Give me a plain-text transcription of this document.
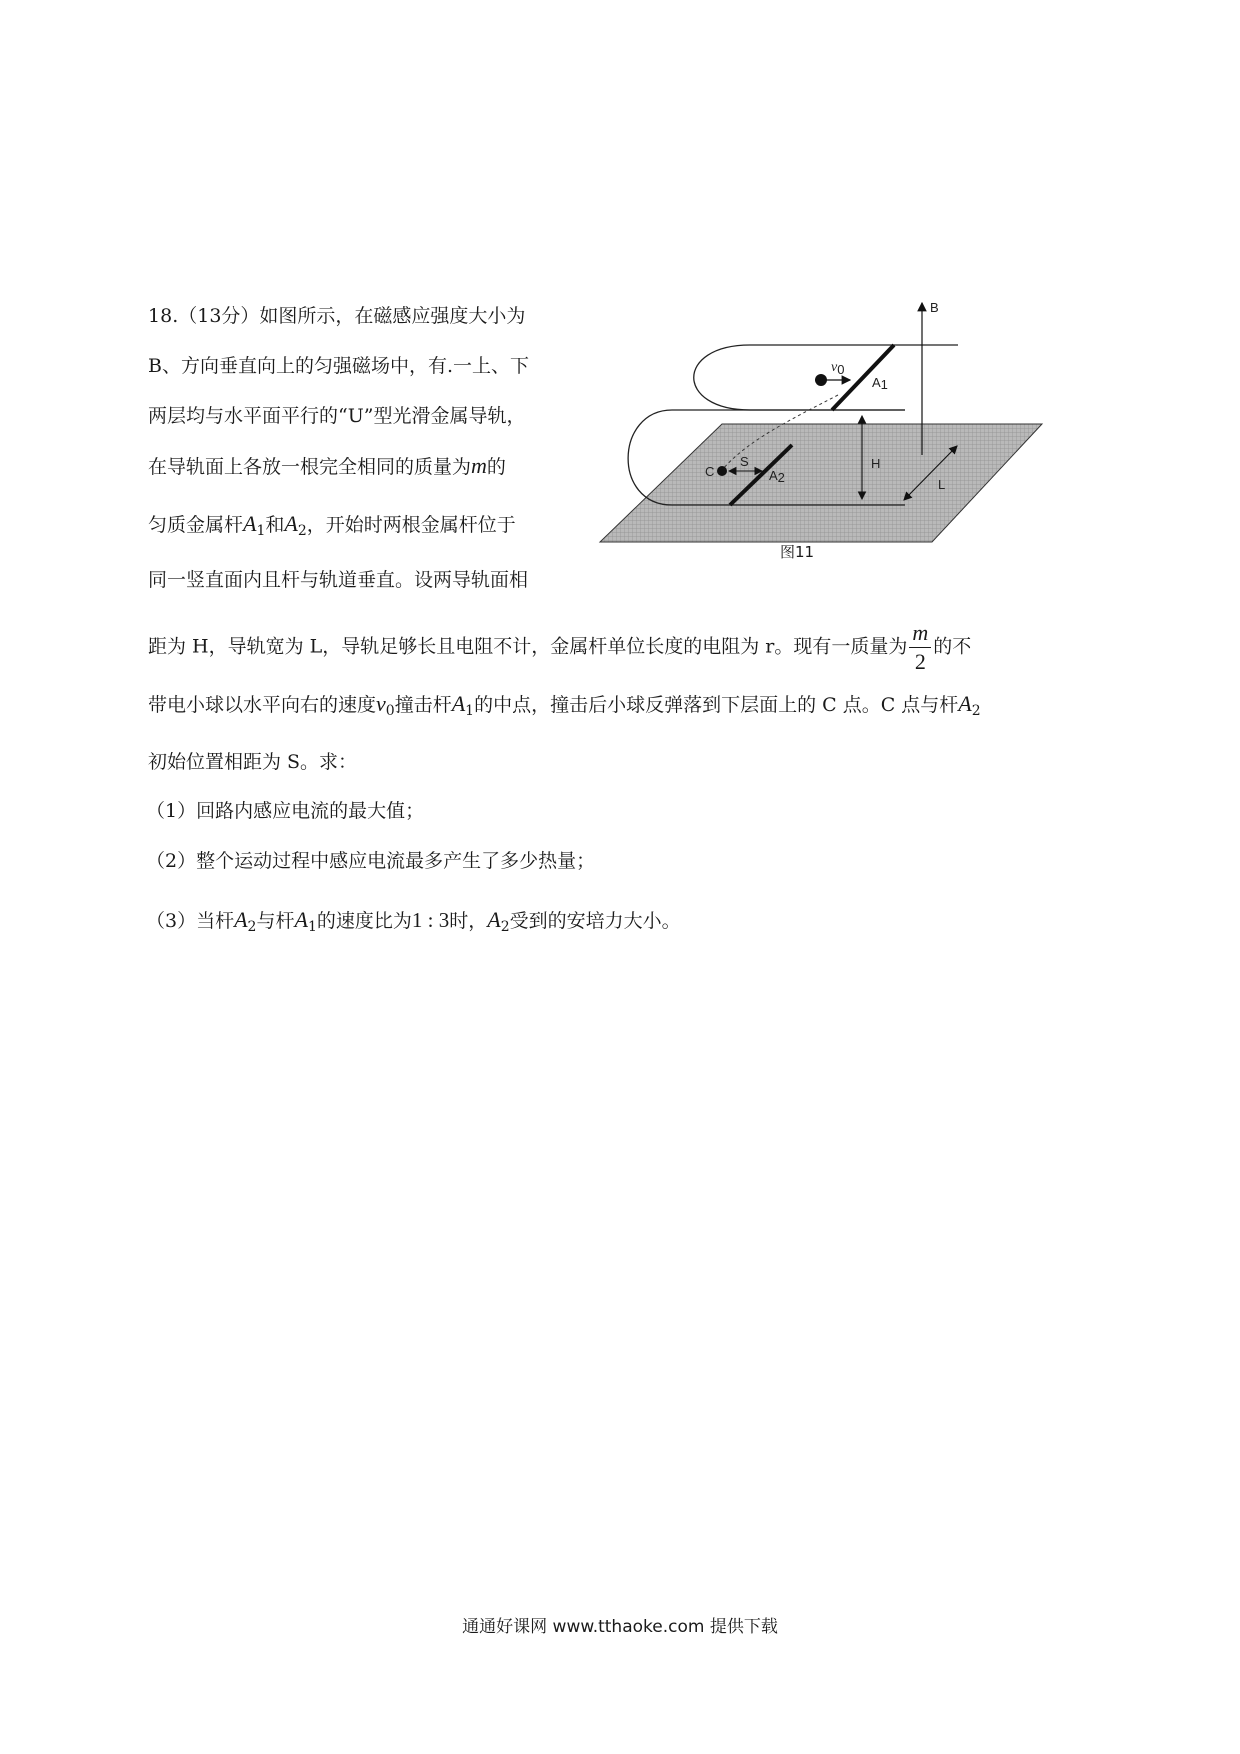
18.（13分）如图所示，在磁感应强度大小为
B、方向垂直向上的匀强磁场中，有.一上、下
两层均与水平面平行的“U”型光滑金属导轨，
在导轨面上各放一根完全相同的质量为m的
匀质金属杆$A_1$和$A_2$，开始时两根金属杆位于
同一竖直面内且杆与轨道垂直。设两导轨面相
距为 H，导轨宽为 L，导轨足够长且电阻不计，金属杆单位长度的电阻为 r。现有一质量为 $\frac{m}{2}$ 的不
带电小球以水平向右的速度$v_0$撞击杆$A_1$的中点，撞击后小球反弹落到下层面上的 C 点。C 点与杆$A_2$
初始位置相距为 S。求：
（1）回路内感应电流的最大值；
（2）整个运动过程中感应电流最多产生了多少热量；
（3）当杆$A_2$与杆$A_1$的速度比为1 : 3时，$A_2$受到的安培力大小。
B
v0
A1
A2
H
L
C
S
图11
通通好课网 www.tthaoke.com 提供下载
